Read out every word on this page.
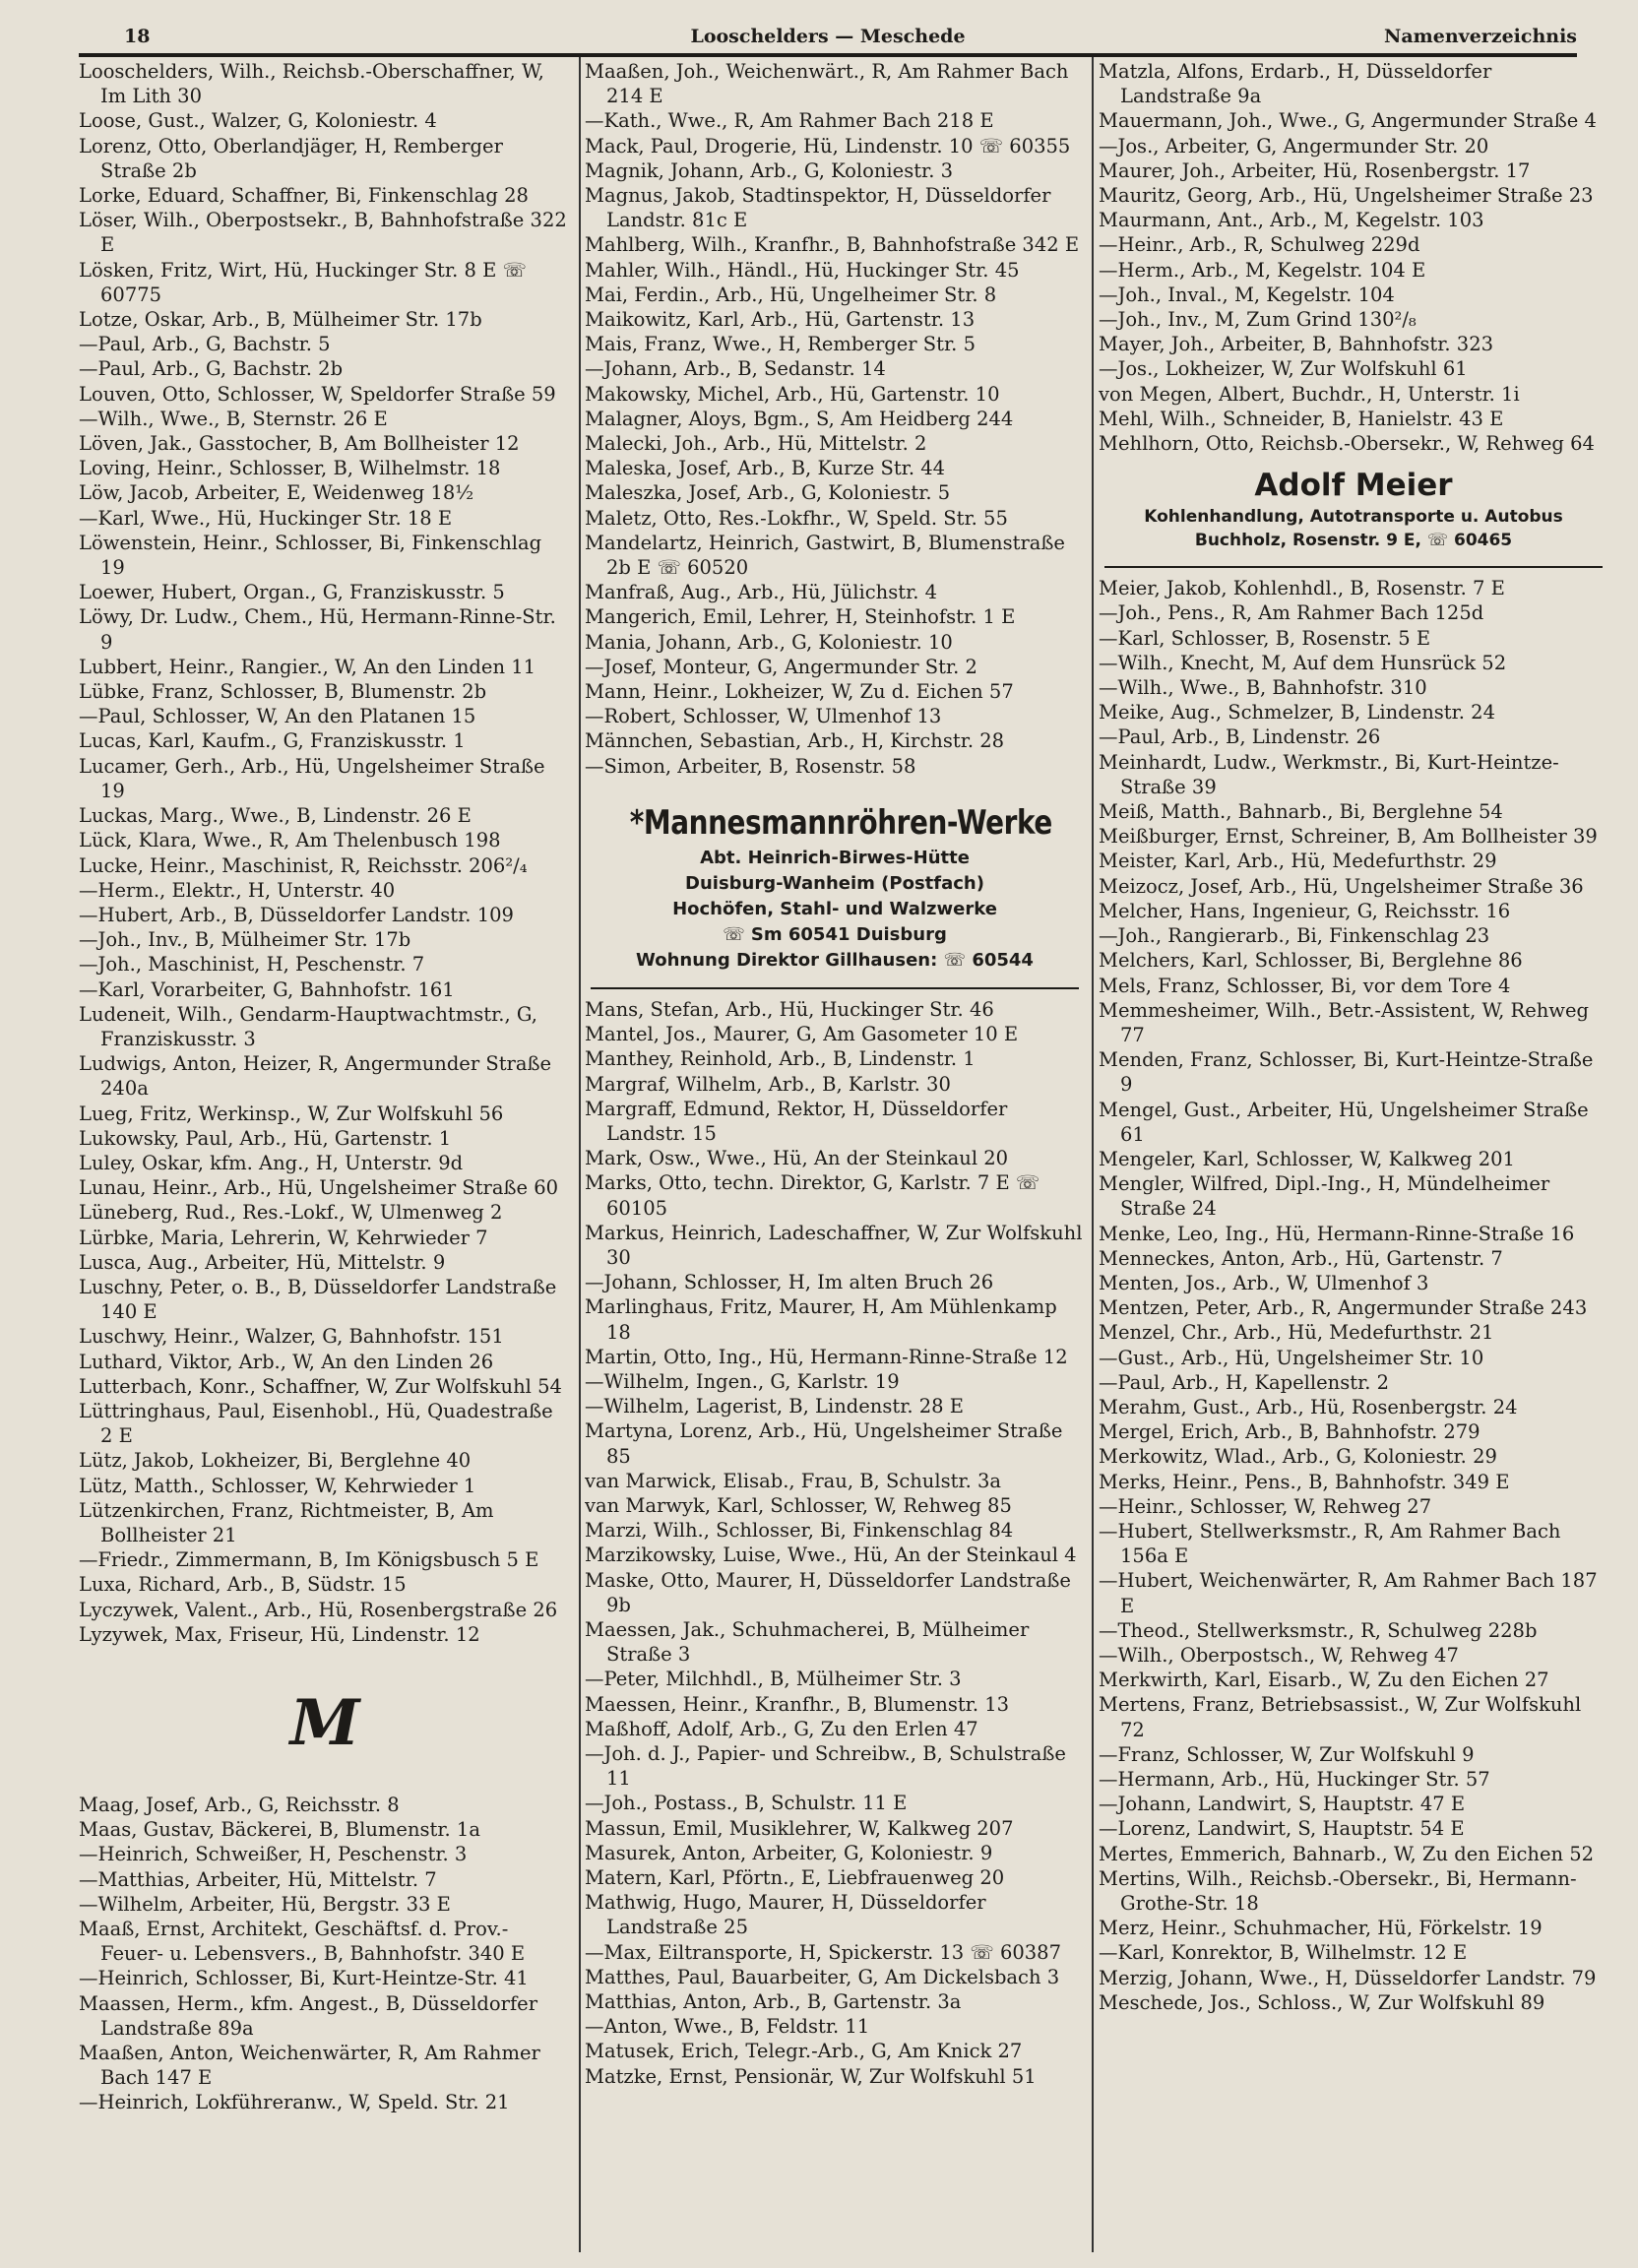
18	Looschelders — Meschede	Namenverzeichnis
Looschelders, Wilh., Reichsb.-Oberschaffner, W, Im Lith 30
Loose, Gust., Walzer, G, Koloniestr. 4
Lorenz, Otto, Oberlandjäger, H, Remberger Straße 2b
Lorke, Eduard, Schaffner, Bi, Finkenschlag 28
Löser, Wilh., Oberpostsekr., B, Bahnhofstraße 322 E
Lösken, Fritz, Wirt, Hü, Huckinger Str. 8 E ☏ 60775
Lotze, Oskar, Arb., B, Mülheimer Str. 17b
—Paul, Arb., G, Bachstr. 5
—Paul, Arb., G, Bachstr. 2b
Louven, Otto, Schlosser, W, Speldorfer Straße 59
—Wilh., Wwe., B, Sternstr. 26 E
Löven, Jak., Gasstocher, B, Am Bollheister 12
Loving, Heinr., Schlosser, B, Wilhelmstr. 18
Löw, Jacob, Arbeiter, E, Weidenweg 18½
—Karl, Wwe., Hü, Huckinger Str. 18 E
Löwenstein, Heinr., Schlosser, Bi, Finkenschlag 19
Loewer, Hubert, Organ., G, Franziskusstr. 5
Löwy, Dr. Ludw., Chem., Hü, Hermann-Rinne-Str. 9
Lubbert, Heinr., Rangier., W, An den Linden 11
Lübke, Franz, Schlosser, B, Blumenstr. 2b
—Paul, Schlosser, W, An den Platanen 15
Lucas, Karl, Kaufm., G, Franziskusstr. 1
Lucamer, Gerh., Arb., Hü, Ungelsheimer Straße 19
Luckas, Marg., Wwe., B, Lindenstr. 26 E
Lück, Klara, Wwe., R, Am Thelenbusch 198
Lucke, Heinr., Maschinist, R, Reichsstr. 206²/₄
—Herm., Elektr., H, Unterstr. 40
—Hubert, Arb., B, Düsseldorfer Landstr. 109
—Joh., Inv., B, Mülheimer Str. 17b
—Joh., Maschinist, H, Peschenstr. 7
—Karl, Vorarbeiter, G, Bahnhofstr. 161
Ludeneit, Wilh., Gendarm-Hauptwachtmstr., G, Franziskusstr. 3
Ludwigs, Anton, Heizer, R, Angermunder Straße 240a
Lueg, Fritz, Werkinsp., W, Zur Wolfskuhl 56
Lukowsky, Paul, Arb., Hü, Gartenstr. 1
Luley, Oskar, kfm. Ang., H, Unterstr. 9d
Lunau, Heinr., Arb., Hü, Ungelsheimer Straße 60
Lüneberg, Rud., Res.-Lokf., W, Ulmenweg 2
Lürbke, Maria, Lehrerin, W, Kehrwieder 7
Lusca, Aug., Arbeiter, Hü, Mittelstr. 9
Luschny, Peter, o. B., B, Düsseldorfer Landstraße 140 E
Luschwy, Heinr., Walzer, G, Bahnhofstr. 151
Luthard, Viktor, Arb., W, An den Linden 26
Lutterbach, Konr., Schaffner, W, Zur Wolfskuhl 54
Lüttringhaus, Paul, Eisenhobl., Hü, Quadestraße 2 E
Lütz, Jakob, Lokheizer, Bi, Berglehne 40
Lütz, Matth., Schlosser, W, Kehrwieder 1
Lützenkirchen, Franz, Richtmeister, B, Am Bollheister 21
—Friedr., Zimmermann, B, Im Königsbusch 5 E
Luxa, Richard, Arb., B, Südstr. 15
Lyczywek, Valent., Arb., Hü, Rosenbergstraße 26
Lyzywek, Max, Friseur, Hü, Lindenstr. 12
M
Maag, Josef, Arb., G, Reichsstr. 8
Maas, Gustav, Bäckerei, B, Blumenstr. 1a
—Heinrich, Schweißer, H, Peschenstr. 3
—Matthias, Arbeiter, Hü, Mittelstr. 7
—Wilhelm, Arbeiter, Hü, Bergstr. 33 E
Maaß, Ernst, Architekt, Geschäftsf. d. Prov.-Feuer- u. Lebensvers., B, Bahnhofstr. 340 E
—Heinrich, Schlosser, Bi, Kurt-Heintze-Str. 41
Maassen, Herm., kfm. Angest., B, Düsseldorfer Landstraße 89a
Maaßen, Anton, Weichenwärter, R, Am Rahmer Bach 147 E
—Heinrich, Lokführeranw., W, Speld. Str. 21
Maaßen, Joh., Weichenwärt., R, Am Rahmer Bach 214 E
—Kath., Wwe., R, Am Rahmer Bach 218 E
Mack, Paul, Drogerie, Hü, Lindenstr. 10 ☏ 60355
Magnik, Johann, Arb., G, Koloniestr. 3
Magnus, Jakob, Stadtinspektor, H, Düsseldorfer Landstr. 81c E
Mahlberg, Wilh., Kranfhr., B, Bahnhofstraße 342 E
Mahler, Wilh., Händl., Hü, Huckinger Str. 45
Mai, Ferdin., Arb., Hü, Ungelheimer Str. 8
Maikowitz, Karl, Arb., Hü, Gartenstr. 13
Mais, Franz, Wwe., H, Remberger Str. 5
—Johann, Arb., B, Sedanstr. 14
Makowsky, Michel, Arb., Hü, Gartenstr. 10
Malagner, Aloys, Bgm., S, Am Heidberg 244
Malecki, Joh., Arb., Hü, Mittelstr. 2
Maleska, Josef, Arb., B, Kurze Str. 44
Maleszka, Josef, Arb., G, Koloniestr. 5
Maletz, Otto, Res.-Lokfhr., W, Speld. Str. 55
Mandelartz, Heinrich, Gastwirt, B, Blumenstraße 2b E ☏ 60520
Manfraß, Aug., Arb., Hü, Jülichstr. 4
Mangerich, Emil, Lehrer, H, Steinhofstr. 1 E
Mania, Johann, Arb., G, Koloniestr. 10
—Josef, Monteur, G, Angermunder Str. 2
Mann, Heinr., Lokheizer, W, Zu d. Eichen 57
—Robert, Schlosser, W, Ulmenhof 13
Männchen, Sebastian, Arb., H, Kirchstr. 28
—Simon, Arbeiter, B, Rosenstr. 58
*Mannesmannröhren-Werke
Abt. Heinrich-Birwes-Hütte
Duisburg-Wanheim (Postfach)
Hochöfen, Stahl- und Walzwerke
☏ Sm 60541 Duisburg
Wohnung Direktor Gillhausen: ☏ 60544
Mans, Stefan, Arb., Hü, Huckinger Str. 46
Mantel, Jos., Maurer, G, Am Gasometer 10 E
Manthey, Reinhold, Arb., B, Lindenstr. 1
Margraf, Wilhelm, Arb., B, Karlstr. 30
Margraff, Edmund, Rektor, H, Düsseldorfer Landstr. 15
Mark, Osw., Wwe., Hü, An der Steinkaul 20
Marks, Otto, techn. Direktor, G, Karlstr. 7 E ☏ 60105
Markus, Heinrich, Ladeschaffner, W, Zur Wolfskuhl 30
—Johann, Schlosser, H, Im alten Bruch 26
Marlinghaus, Fritz, Maurer, H, Am Mühlenkamp 18
Martin, Otto, Ing., Hü, Hermann-Rinne-Straße 12
—Wilhelm, Ingen., G, Karlstr. 19
—Wilhelm, Lagerist, B, Lindenstr. 28 E
Martyna, Lorenz, Arb., Hü, Ungelsheimer Straße 85
van Marwick, Elisab., Frau, B, Schulstr. 3a
van Marwyk, Karl, Schlosser, W, Rehweg 85
Marzi, Wilh., Schlosser, Bi, Finkenschlag 84
Marzikowsky, Luise, Wwe., Hü, An der Steinkaul 4
Maske, Otto, Maurer, H, Düsseldorfer Landstraße 9b
Maessen, Jak., Schuhmacherei, B, Mülheimer Straße 3
—Peter, Milchhdl., B, Mülheimer Str. 3
Maessen, Heinr., Kranfhr., B, Blumenstr. 13
Maßhoff, Adolf, Arb., G, Zu den Erlen 47
—Joh. d. J., Papier- und Schreibw., B, Schulstraße 11
—Joh., Postass., B, Schulstr. 11 E
Massun, Emil, Musiklehrer, W, Kalkweg 207
Masurek, Anton, Arbeiter, G, Koloniestr. 9
Matern, Karl, Pförtn., E, Liebfrauenweg 20
Mathwig, Hugo, Maurer, H, Düsseldorfer Landstraße 25
—Max, Eiltransporte, H, Spickerstr. 13 ☏ 60387
Matthes, Paul, Bauarbeiter, G, Am Dickelsbach 3
Matthias, Anton, Arb., B, Gartenstr. 3a
—Anton, Wwe., B, Feldstr. 11
Matusek, Erich, Telegr.-Arb., G, Am Knick 27
Matzke, Ernst, Pensionär, W, Zur Wolfskuhl 51
Matzla, Alfons, Erdarb., H, Düsseldorfer Landstraße 9a
Mauermann, Joh., Wwe., G, Angermunder Straße 4
—Jos., Arbeiter, G, Angermunder Str. 20
Maurer, Joh., Arbeiter, Hü, Rosenbergstr. 17
Mauritz, Georg, Arb., Hü, Ungelsheimer Straße 23
Maurmann, Ant., Arb., M, Kegelstr. 103
—Heinr., Arb., R, Schulweg 229d
—Herm., Arb., M, Kegelstr. 104 E
—Joh., Inval., M, Kegelstr. 104
—Joh., Inv., M, Zum Grind 130²/₈
Mayer, Joh., Arbeiter, B, Bahnhofstr. 323
—Jos., Lokheizer, W, Zur Wolfskuhl 61
von Megen, Albert, Buchdr., H, Unterstr. 1i
Mehl, Wilh., Schneider, B, Hanielstr. 43 E
Mehlhorn, Otto, Reichsb.-Obersekr., W, Rehweg 64
Adolf Meier
Kohlenhandlung, Autotransporte u. Autobus
Buchholz, Rosenstr. 9 E, ☏ 60465
Meier, Jakob, Kohlenhdl., B, Rosenstr. 7 E
—Joh., Pens., R, Am Rahmer Bach 125d
—Karl, Schlosser, B, Rosenstr. 5 E
—Wilh., Knecht, M, Auf dem Hunsrück 52
—Wilh., Wwe., B, Bahnhofstr. 310
Meike, Aug., Schmelzer, B, Lindenstr. 24
—Paul, Arb., B, Lindenstr. 26
Meinhardt, Ludw., Werkmstr., Bi, Kurt-Heintze-Straße 39
Meiß, Matth., Bahnarb., Bi, Berglehne 54
Meißburger, Ernst, Schreiner, B, Am Bollheister 39
Meister, Karl, Arb., Hü, Medefurthstr. 29
Meizocz, Josef, Arb., Hü, Ungelsheimer Straße 36
Melcher, Hans, Ingenieur, G, Reichsstr. 16
—Joh., Rangierarb., Bi, Finkenschlag 23
Melchers, Karl, Schlosser, Bi, Berglehne 86
Mels, Franz, Schlosser, Bi, vor dem Tore 4
Memmesheimer, Wilh., Betr.-Assistent, W, Rehweg 77
Menden, Franz, Schlosser, Bi, Kurt-Heintze-Straße 9
Mengel, Gust., Arbeiter, Hü, Ungelsheimer Straße 61
Mengeler, Karl, Schlosser, W, Kalkweg 201
Mengler, Wilfred, Dipl.-Ing., H, Mündelheimer Straße 24
Menke, Leo, Ing., Hü, Hermann-Rinne-Straße 16
Menneckes, Anton, Arb., Hü, Gartenstr. 7
Menten, Jos., Arb., W, Ulmenhof 3
Mentzen, Peter, Arb., R, Angermunder Straße 243
Menzel, Chr., Arb., Hü, Medefurthstr. 21
—Gust., Arb., Hü, Ungelsheimer Str. 10
—Paul, Arb., H, Kapellenstr. 2
Merahm, Gust., Arb., Hü, Rosenbergstr. 24
Mergel, Erich, Arb., B, Bahnhofstr. 279
Merkowitz, Wlad., Arb., G, Koloniestr. 29
Merks, Heinr., Pens., B, Bahnhofstr. 349 E
—Heinr., Schlosser, W, Rehweg 27
—Hubert, Stellwerksmstr., R, Am Rahmer Bach 156a E
—Hubert, Weichenwärter, R, Am Rahmer Bach 187 E
—Theod., Stellwerksmstr., R, Schulweg 228b
—Wilh., Oberpostsch., W, Rehweg 47
Merkwirth, Karl, Eisarb., W, Zu den Eichen 27
Mertens, Franz, Betriebsassist., W, Zur Wolfskuhl 72
—Franz, Schlosser, W, Zur Wolfskuhl 9
—Hermann, Arb., Hü, Huckinger Str. 57
—Johann, Landwirt, S, Hauptstr. 47 E
—Lorenz, Landwirt, S, Hauptstr. 54 E
Mertes, Emmerich, Bahnarb., W, Zu den Eichen 52
Mertins, Wilh., Reichsb.-Obersekr., Bi, Hermann-Grothe-Str. 18
Merz, Heinr., Schuhmacher, Hü, Förkelstr. 19
—Karl, Konrektor, B, Wilhelmstr. 12 E
Merzig, Johann, Wwe., H, Düsseldorfer Landstr. 79
Meschede, Jos., Schloss., W, Zur Wolfskuhl 89
